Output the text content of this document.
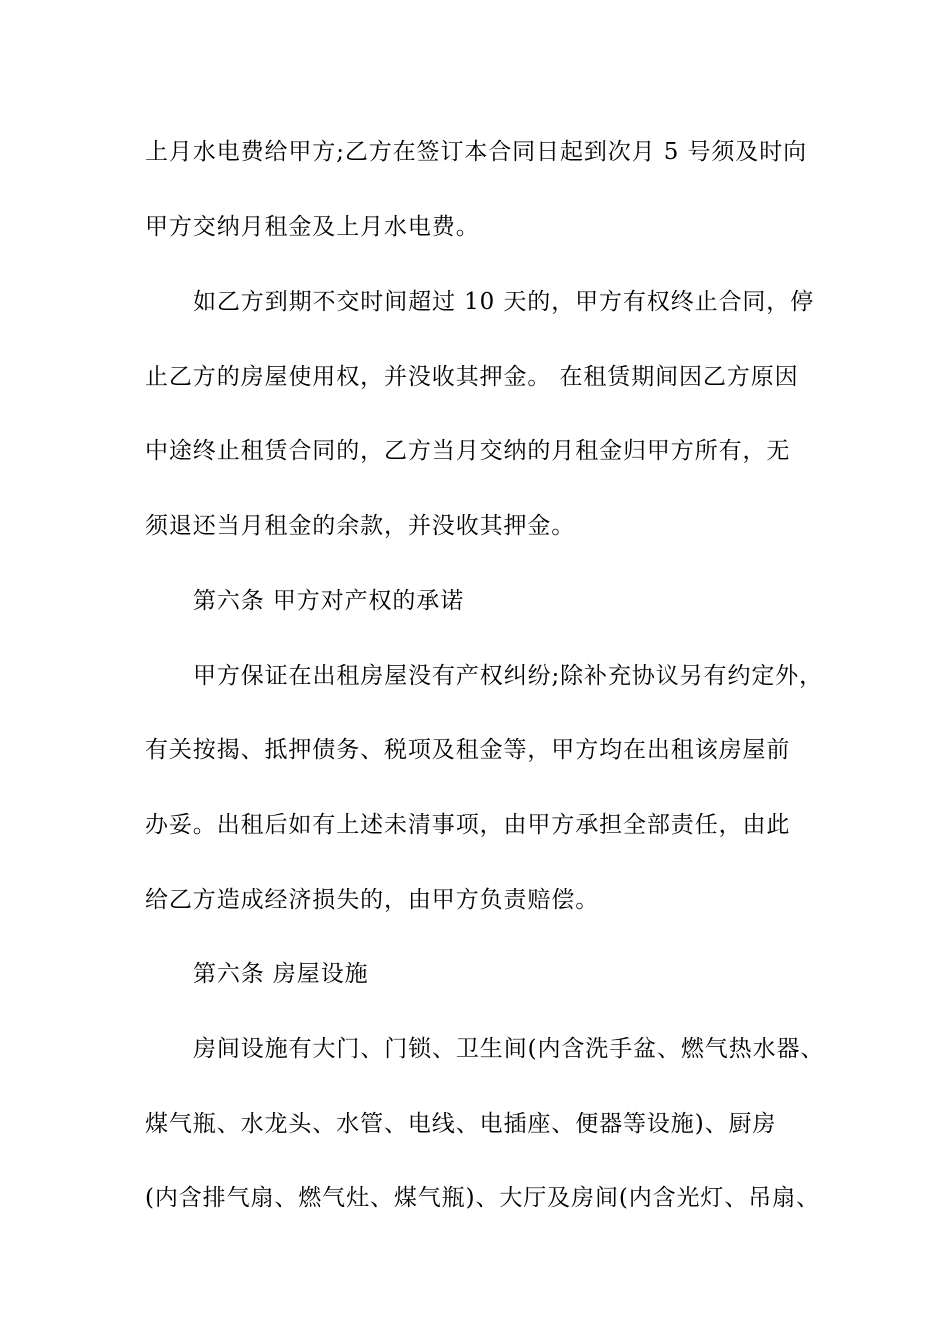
上月水电费给甲方;乙方在签订本合同日起到次月 5 号须及时向
甲方交纳月租金及上月水电费。
如乙方到期不交时间超过 10 天的，甲方有权终止合同，停
止乙方的房屋使用权，并没收其押金。 在租赁期间因乙方原因
中途终止租赁合同的，乙方当月交纳的月租金归甲方所有，无
须退还当月租金的余款，并没收其押金。
第六条 甲方对产权的承诺
甲方保证在出租房屋没有产权纠纷;除补充协议另有约定外，
有关按揭、抵押债务、税项及租金等，甲方均在出租该房屋前
办妥。出租后如有上述未清事项，由甲方承担全部责任，由此
给乙方造成经济损失的，由甲方负责赔偿。
第六条 房屋设施
房间设施有大门、门锁、卫生间(内含洗手盆、燃气热水器、
煤气瓶、水龙头、水管、电线、电插座、便器等设施)、厨房
(内含排气扇、燃气灶、煤气瓶)、大厅及房间(内含光灯、吊扇、
